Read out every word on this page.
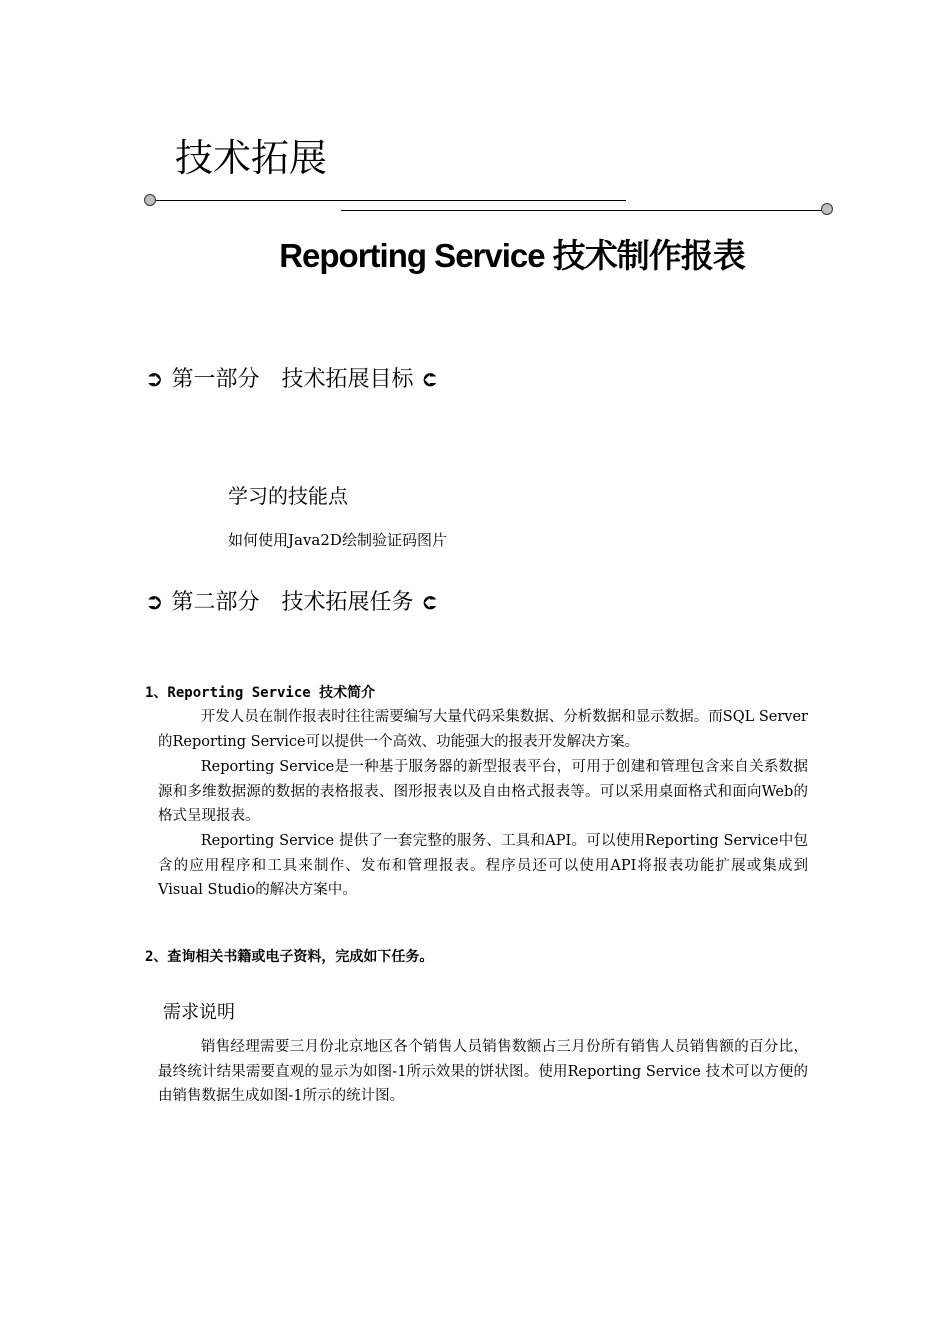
技术拓展
Reporting Service 技术制作报表
➲ 第一部分 技术拓展目标 ➲
学习的技能点
如何使用Java2D绘制验证码图片
➲ 第二部分 技术拓展任务 ➲
1、Reporting Service 技术简介
开发人员在制作报表时往往需要编写大量代码采集数据、分析数据和显示数据。而SQL Server的Reporting Service可以提供一个高效、功能强大的报表开发解决方案。
Reporting Service是一种基于服务器的新型报表平台，可用于创建和管理包含来自关系数据源和多维数据源的数据的表格报表、图形报表以及自由格式报表等。可以采用桌面格式和面向Web的格式呈现报表。
Reporting Service 提供了一套完整的服务、工具和API。可以使用Reporting Service中包含的应用程序和工具来制作、发布和管理报表。程序员还可以使用API将报表功能扩展或集成到Visual Studio的解决方案中。
2、查询相关书籍或电子资料，完成如下任务。
需求说明
销售经理需要三月份北京地区各个销售人员销售数额占三月份所有销售人员销售额的百分比，最终统计结果需要直观的显示为如图-1所示效果的饼状图。使用Reporting Service 技术可以方便的由销售数据生成如图-1所示的统计图。
